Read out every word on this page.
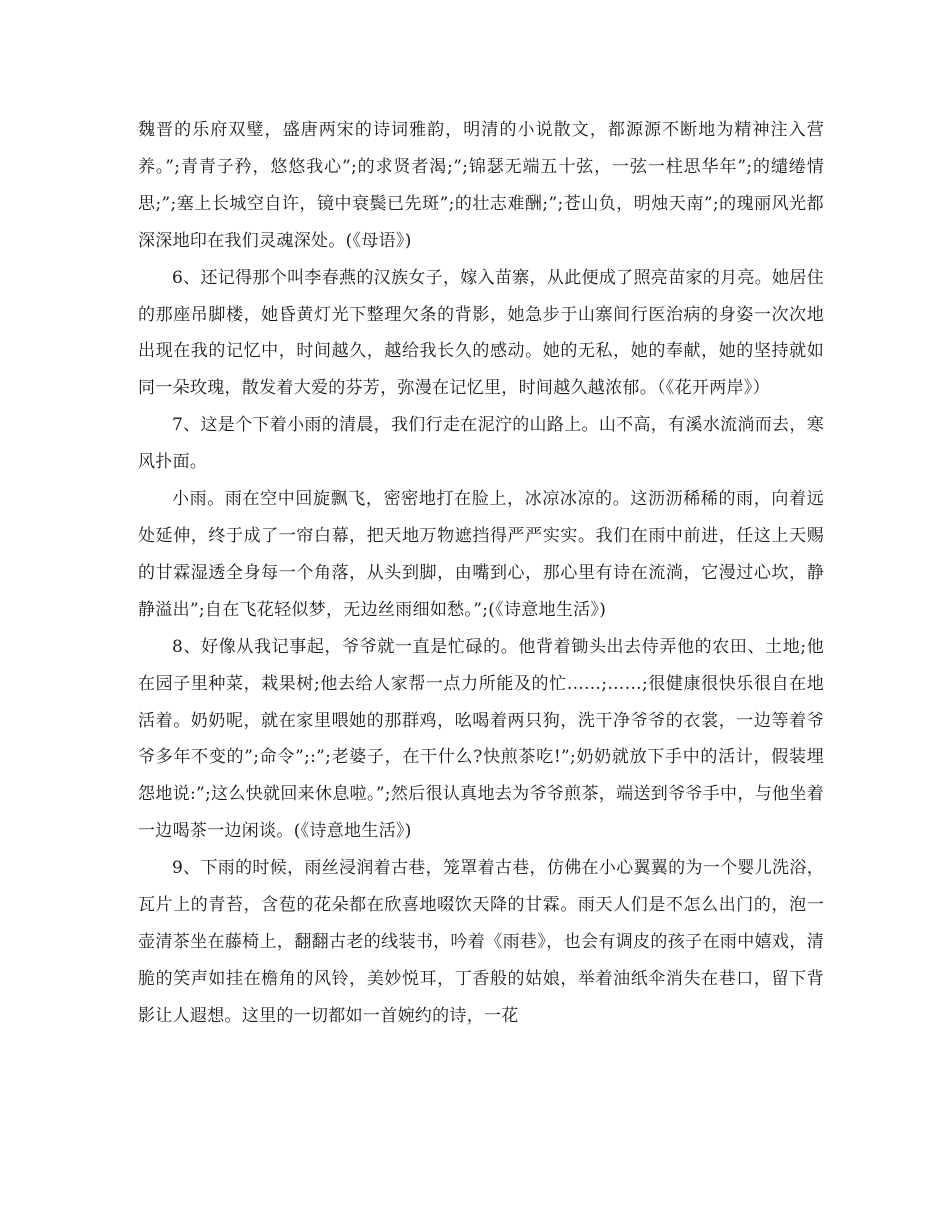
魏晋的乐府双璧，盛唐两宋的诗词雅韵，明清的小说散文，都源源不断地为精神注入营养。”;青青子矜，悠悠我心”;的求贤者渴;”;锦瑟无端五十弦，一弦一柱思华年”;的缱绻情思;”;塞上长城空自许，镜中衰鬓已先斑”;的壮志难酬;”;苍山负，明烛天南”;的瑰丽风光都深深地印在我们灵魂深处。(《母语》)

6、还记得那个叫李春燕的汉族女子，嫁入苗寨，从此便成了照亮苗家的月亮。她居住的那座吊脚楼，她昏黄灯光下整理欠条的背影，她急步于山寨间行医治病的身姿一次次地出现在我的记忆中，时间越久，越给我长久的感动。她的无私，她的奉献，她的坚持就如同一朵玫瑰，散发着大爱的芬芳，弥漫在记忆里，时间越久越浓郁。（《花开两岸》）

7、这是个下着小雨的清晨，我们行走在泥泞的山路上。山不高，有溪水流淌而去，寒风扑面。

小雨。雨在空中回旋飘飞，密密地打在脸上，冰凉冰凉的。这沥沥稀稀的雨，向着远处延伸，终于成了一帘白幕，把天地万物遮挡得严严实实。我们在雨中前进，任这上天赐的甘霖湿透全身每一个角落，从头到脚，由嘴到心，那心里有诗在流淌，它漫过心坎，静静溢出”;自在飞花轻似梦，无边丝雨细如愁。”;(《诗意地生活》)

8、好像从我记事起，爷爷就一直是忙碌的。他背着锄头出去侍弄他的农田、土地;他在园子里种菜，栽果树;他去给人家帮一点力所能及的忙……;……;很健康很快乐很自在地活着。奶奶呢，就在家里喂她的那群鸡，吆喝着两只狗，洗干净爷爷的衣裳，一边等着爷爷多年不变的”;命令”;:”;老婆子，在干什么?快煎茶吃!”;奶奶就放下手中的活计，假装埋怨地说:”;这么快就回来休息啦。”;然后很认真地去为爷爷煎茶，端送到爷爷手中，与他坐着一边喝茶一边闲谈。(《诗意地生活》)

9、下雨的时候，雨丝浸润着古巷，笼罩着古巷，仿佛在小心翼翼的为一个婴儿洗浴，瓦片上的青苔，含苞的花朵都在欣喜地啜饮天降的甘霖。雨天人们是不怎么出门的，泡一壶清茶坐在藤椅上，翻翻古老的线装书，吟着《雨巷》，也会有调皮的孩子在雨中嬉戏，清脆的笑声如挂在檐角的风铃，美妙悦耳，丁香般的姑娘，举着油纸伞消失在巷口，留下背影让人遐想。这里的一切都如一首婉约的诗，一花
